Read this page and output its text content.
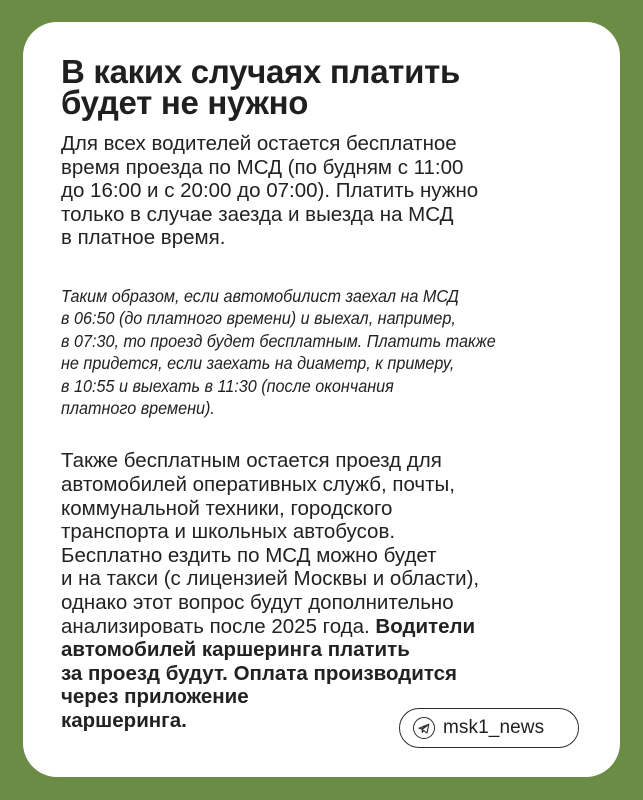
В каких случаях платить
будет не нужно

Для всех водителей остается бесплатное
время проезда по МСД (по будням с 11:00
до 16:00 и с 20:00 до 07:00). Платить нужно
только в случае заезда и выезда на МСД
в платное время.

Таким образом, если автомобилист заехал на МСД
в 06:50 (до платного времени) и выехал, например,
в 07:30, то проезд будет бесплатным. Платить также
не придется, если заехать на диаметр, к примеру,
в 10:55 и выехать в 11:30 (после окончания
платного времени).

Также бесплатным остается проезд для
автомобилей оперативных служб, почты,
коммунальной техники, городского
транспорта и школьных автобусов.
Бесплатно ездить по МСД можно будет
и на такси (с лицензией Москвы и области),
однако этот вопрос будут дополнительно
анализировать после 2025 года. Водители
автомобилей каршеринга платить
за проезд будут. Оплата производится
через приложение
каршеринга.	msk1_news
